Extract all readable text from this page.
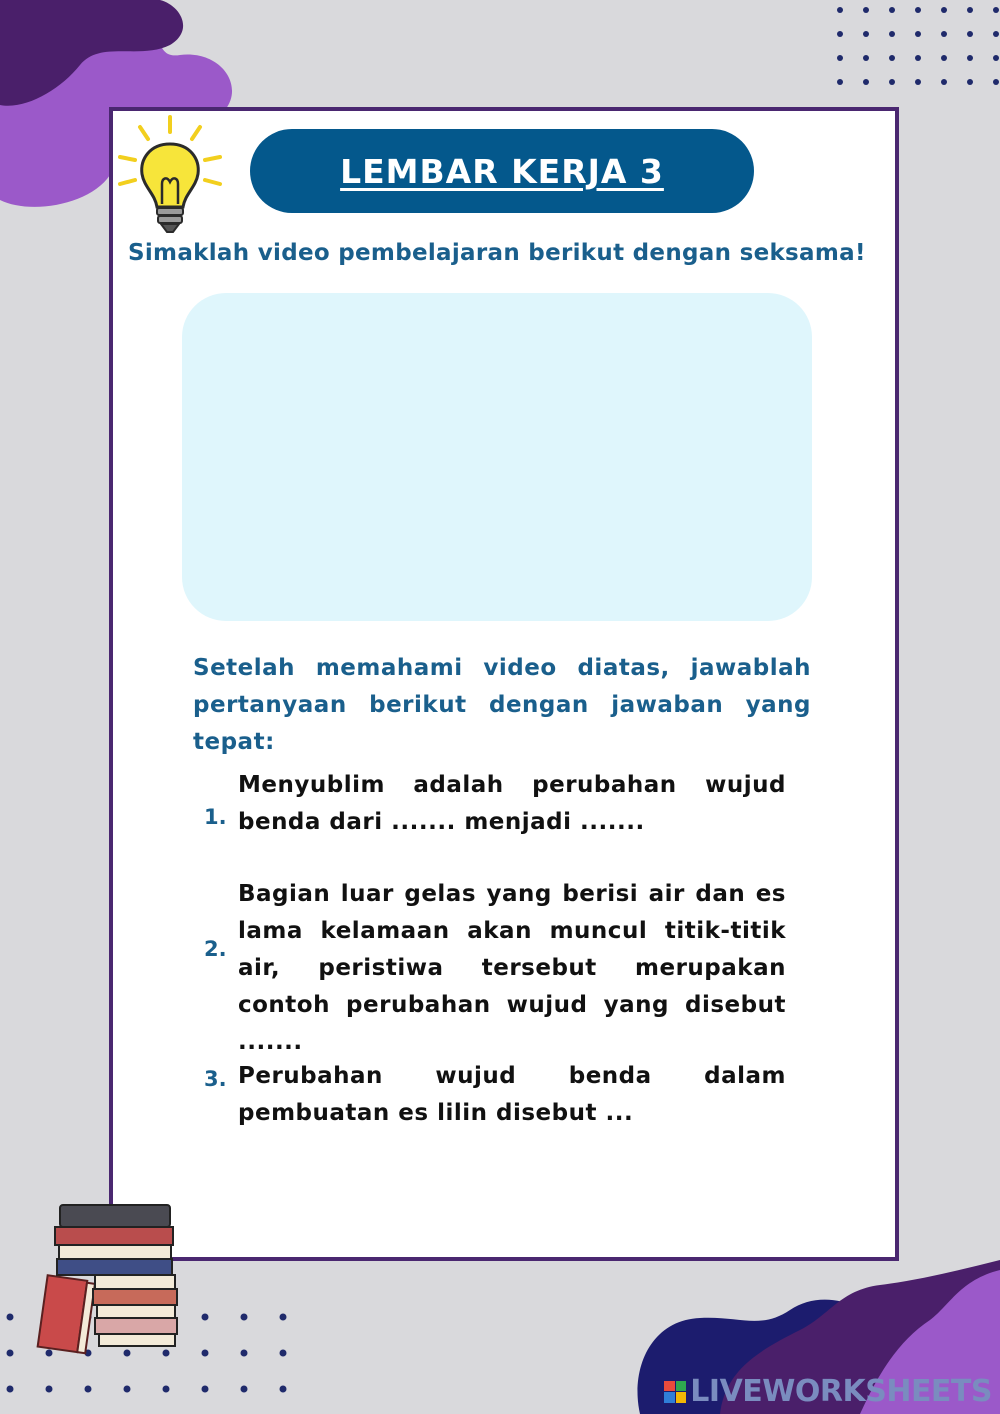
LEMBAR KERJA 3
Simaklah video pembelajaran berikut dengan seksama!
Setelah memahami video diatas, jawablah pertanyaan berikut dengan jawaban yang tepat:
1.
Menyublim adalah perubahan wujud benda dari ....... menjadi .......
2.
Bagian luar gelas yang berisi air dan es lama kelamaan akan muncul titik-titik air, peristiwa tersebut merupakan contoh perubahan wujud yang disebut .......
3. Perubahan wujud benda dalam pembuatan es lilin disebut ...
LIVEWORKSHEETS
